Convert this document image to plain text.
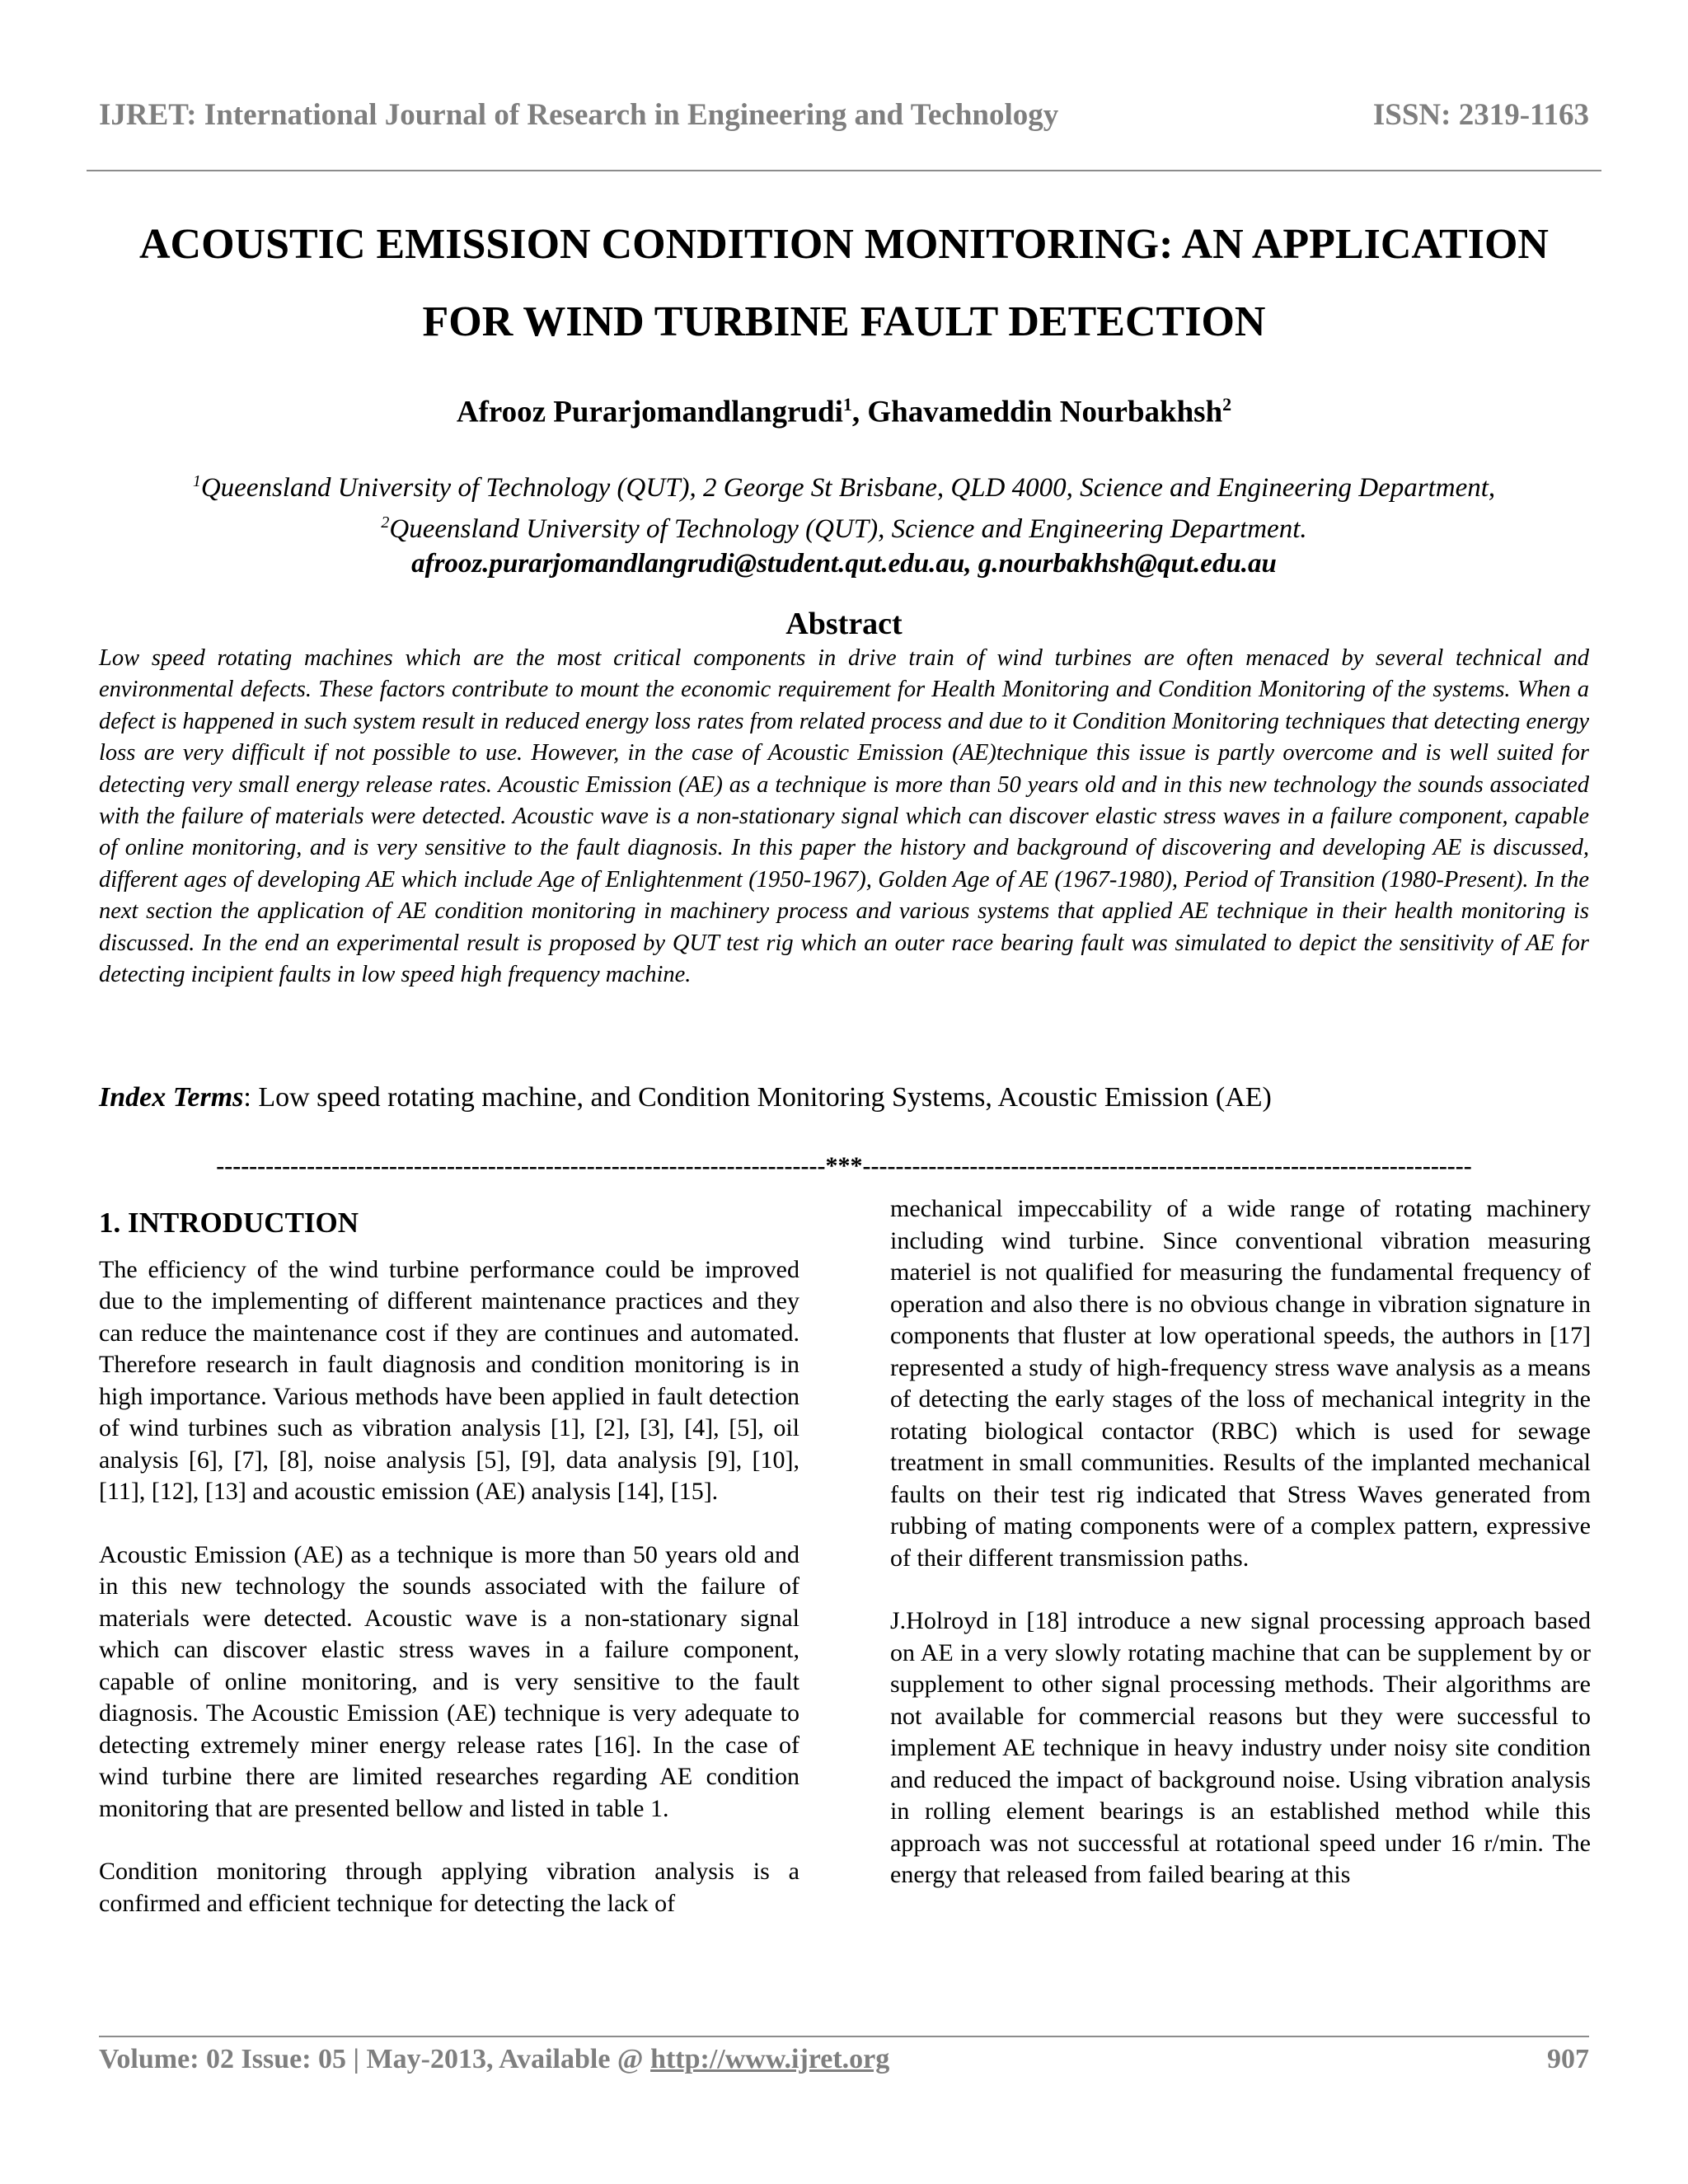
IJRET: International Journal of Research in Engineering and Technology	ISSN: 2319-1163
ACOUSTIC EMISSION CONDITION MONITORING: AN APPLICATION
FOR WIND TURBINE FAULT DETECTION
Afrooz Purarjomandlangrudi$^1$, Ghavameddin Nourbakhsh$^2$
$^1$Queensland University of Technology (QUT), 2 George St Brisbane, QLD 4000, Science and Engineering Department,
$^2$Queensland University of Technology (QUT), Science and Engineering Department.
afrooz.purarjomandlangrudi@student.qut.edu.au, g.nourbakhsh@qut.edu.au
Abstract

Low speed rotating machines which are the most critical components in drive train of wind turbines are often menaced by several technical and environmental defects. These factors contribute to mount the economic requirement for Health Monitoring and Condition Monitoring of the systems. When a defect is happened in such system result in reduced energy loss rates from related process and due to it Condition Monitoring techniques that detecting energy loss are very difficult if not possible to use. However, in the case of Acoustic Emission (AE)technique this issue is partly overcome and is well suited for detecting very small energy release rates. Acoustic Emission (AE) as a technique is more than 50 years old and in this new technology the sounds associated with the failure of materials were detected. Acoustic wave is a non-stationary signal which can discover elastic stress waves in a failure component, capable of online monitoring, and is very sensitive to the fault diagnosis. In this paper the history and background of discovering and developing AE is discussed, different ages of developing AE which include Age of Enlightenment (1950-1967), Golden Age of AE (1967-1980), Period of Transition (1980-Present). In the next section the application of AE condition monitoring in machinery process and various systems that applied AE technique in their health monitoring is discussed. In the end an experimental result is proposed by QUT test rig which an outer race bearing fault was simulated to depict the sensitivity of AE for detecting incipient faults in low speed high frequency machine.

Index Terms: Low speed rotating machine, and Condition Monitoring Systems, Acoustic Emission (AE)
--------------------------------------------------------------------------***--------------------------------------------------------------------------
1. INTRODUCTION

The efficiency of the wind turbine performance could be improved due to the implementing of different maintenance practices and they can reduce the maintenance cost if they are continues and automated. Therefore research in fault diagnosis and condition monitoring is in high importance. Various methods have been applied in fault detection of wind turbines such as vibration analysis [1], [2], [3], [4], [5], oil analysis [6], [7], [8], noise analysis [5], [9], data analysis [9], [10], [11], [12], [13] and acoustic emission (AE) analysis [14], [15].

Acoustic Emission (AE) as a technique is more than 50 years old and in this new technology the sounds associated with the failure of materials were detected. Acoustic wave is a non-stationary signal which can discover elastic stress waves in a failure component, capable of online monitoring, and is very sensitive to the fault diagnosis. The Acoustic Emission (AE) technique is very adequate to detecting extremely miner energy release rates [16]. In the case of wind turbine there are limited researches regarding AE condition monitoring that are presented bellow and listed in table 1.

Condition monitoring through applying vibration analysis is a confirmed and efficient technique for detecting the lack of

mechanical impeccability of a wide range of rotating machinery including wind turbine. Since conventional vibration measuring materiel is not qualified for measuring the fundamental frequency of operation and also there is no obvious change in vibration signature in components that fluster at low operational speeds, the authors in [17] represented a study of high-frequency stress wave analysis as a means of detecting the early stages of the loss of mechanical integrity in the rotating biological contactor (RBC) which is used for sewage treatment in small communities. Results of the implanted mechanical faults on their test rig indicated that Stress Waves generated from rubbing of mating components were of a complex pattern, expressive of their different transmission paths.

J.Holroyd in [18] introduce a new signal processing approach based on AE in a very slowly rotating machine that can be supplement by or supplement to other signal processing methods. Their algorithms are not available for commercial reasons but they were successful to implement AE technique in heavy industry under noisy site condition and reduced the impact of background noise. Using vibration analysis in rolling element bearings is an established method while this approach was not successful at rotational speed under 16 r/min. The energy that released from failed bearing at this

Volume: 02 Issue: 05 | May-2013, Available @ http://www.ijret.org	907
